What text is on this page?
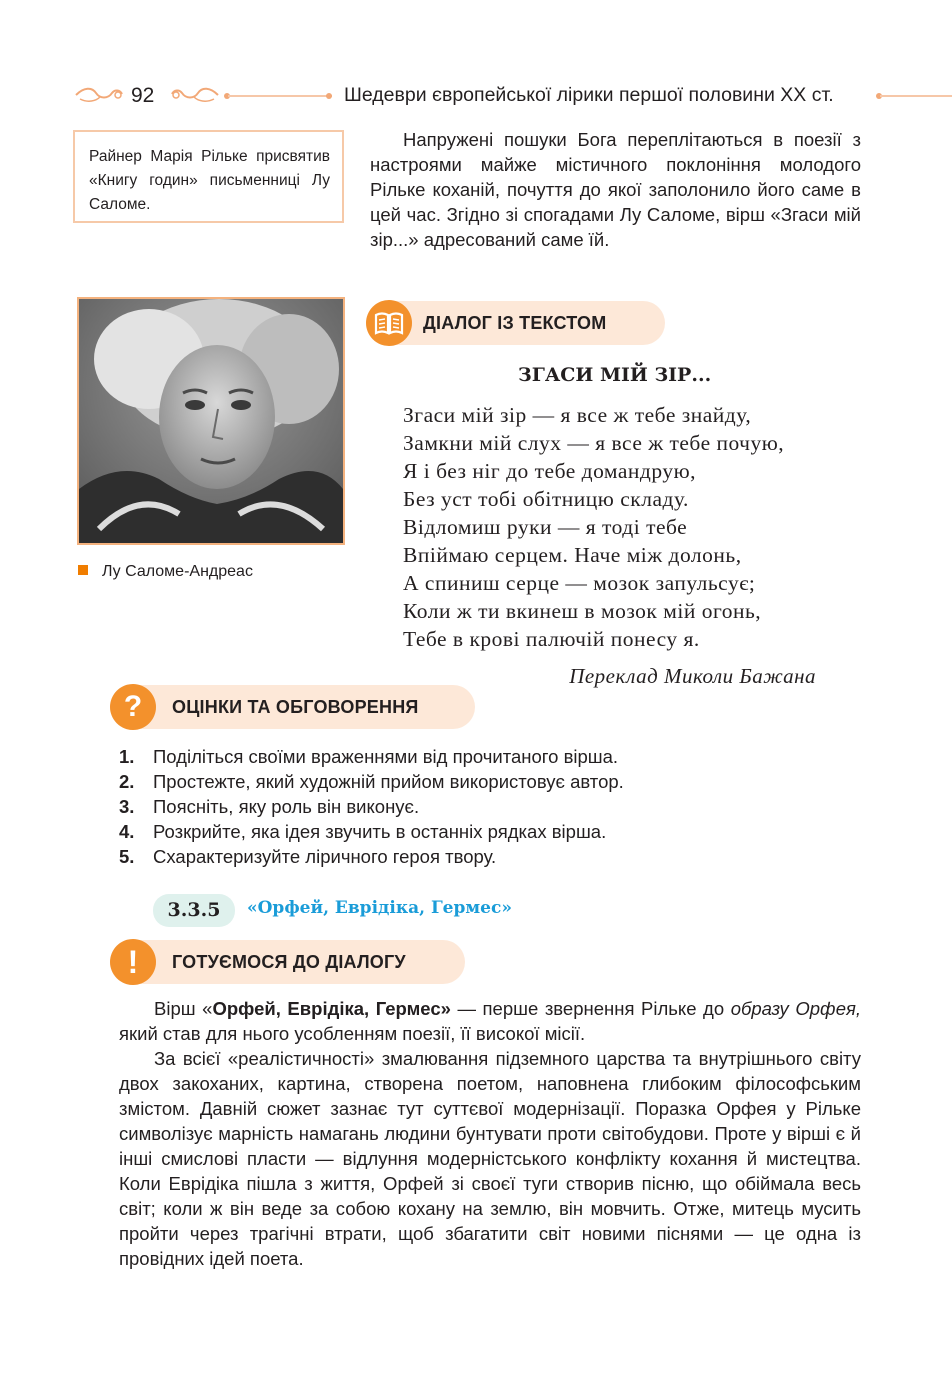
92	Шедеври європейської лірики першої половини ХХ ст.
Райнер Марія Рільке присвятив «Книгу годин» письменниці Лу Саломе.
Напружені пошуки Бога переплітаються в поезії з настроями майже містичного поклоніння молодого Рільке коханій, почуття до якої заполонило його саме в цей час. Згідно зі спогадами Лу Саломе, вірш «Згаси мій зір...» адресований саме їй.
Лу Саломе-Андреас
ДІАЛОГ ІЗ ТЕКСТОМ
ЗГАСИ МІЙ ЗІР...
Згаси мій зір — я все ж тебе знайду,
Замкни мій слух — я все ж тебе почую,
Я і без ніг до тебе домандрую,
Без уст тобі обітницю складу.
Відломиш руки — я тоді тебе
Впіймаю серцем. Наче між долонь,
А спиниш серце — мозок запульсує;
Коли ж ти вкинеш в мозок мій огонь,
Тебе в крові палючій понесу я.
Переклад Миколи Бажана
ОЦІНКИ ТА ОБГОВОРЕННЯ
?
1. Поділіться своїми враженнями від прочитаного вірша.
2. Простежте, який художній прийом використовує автор.
3. Поясніть, яку роль він виконує.
4. Розкрийте, яка ідея звучить в останніх рядках вірша.
5. Схарактеризуйте ліричного героя твору.
3.3.5	«Орфей, Еврідіка, Гермес»
ГОТУЄМОСЯ ДО ДІАЛОГУ
!

Вірш «Орфей, Еврідіка, Гермес» — перше звернення Рільке до образу Орфея, який став для нього усобленням поезії, її високої місії.

За всієї «реалістичності» змалювання підземного царства та внутрішнього світу двох закоханих, картина, створена поетом, наповнена глибоким філософським змістом. Давній сюжет зазнає тут суттєвої модернізації. Поразка Орфея у Рільке символізує марність намагань людини бунтувати проти світобудови. Проте у вірші є й інші смислові пласти — відлуння модерністського конфлікту кохання й мистецтва. Коли Еврідіка пішла з життя, Орфей зі своєї туги створив пісню, що обіймала весь світ; коли ж він веде за собою кохану на землю, він мовчить. Отже, митець мусить пройти через трагічні втрати, щоб збагатити світ новими піснями — це одна із провідних ідей поета.
